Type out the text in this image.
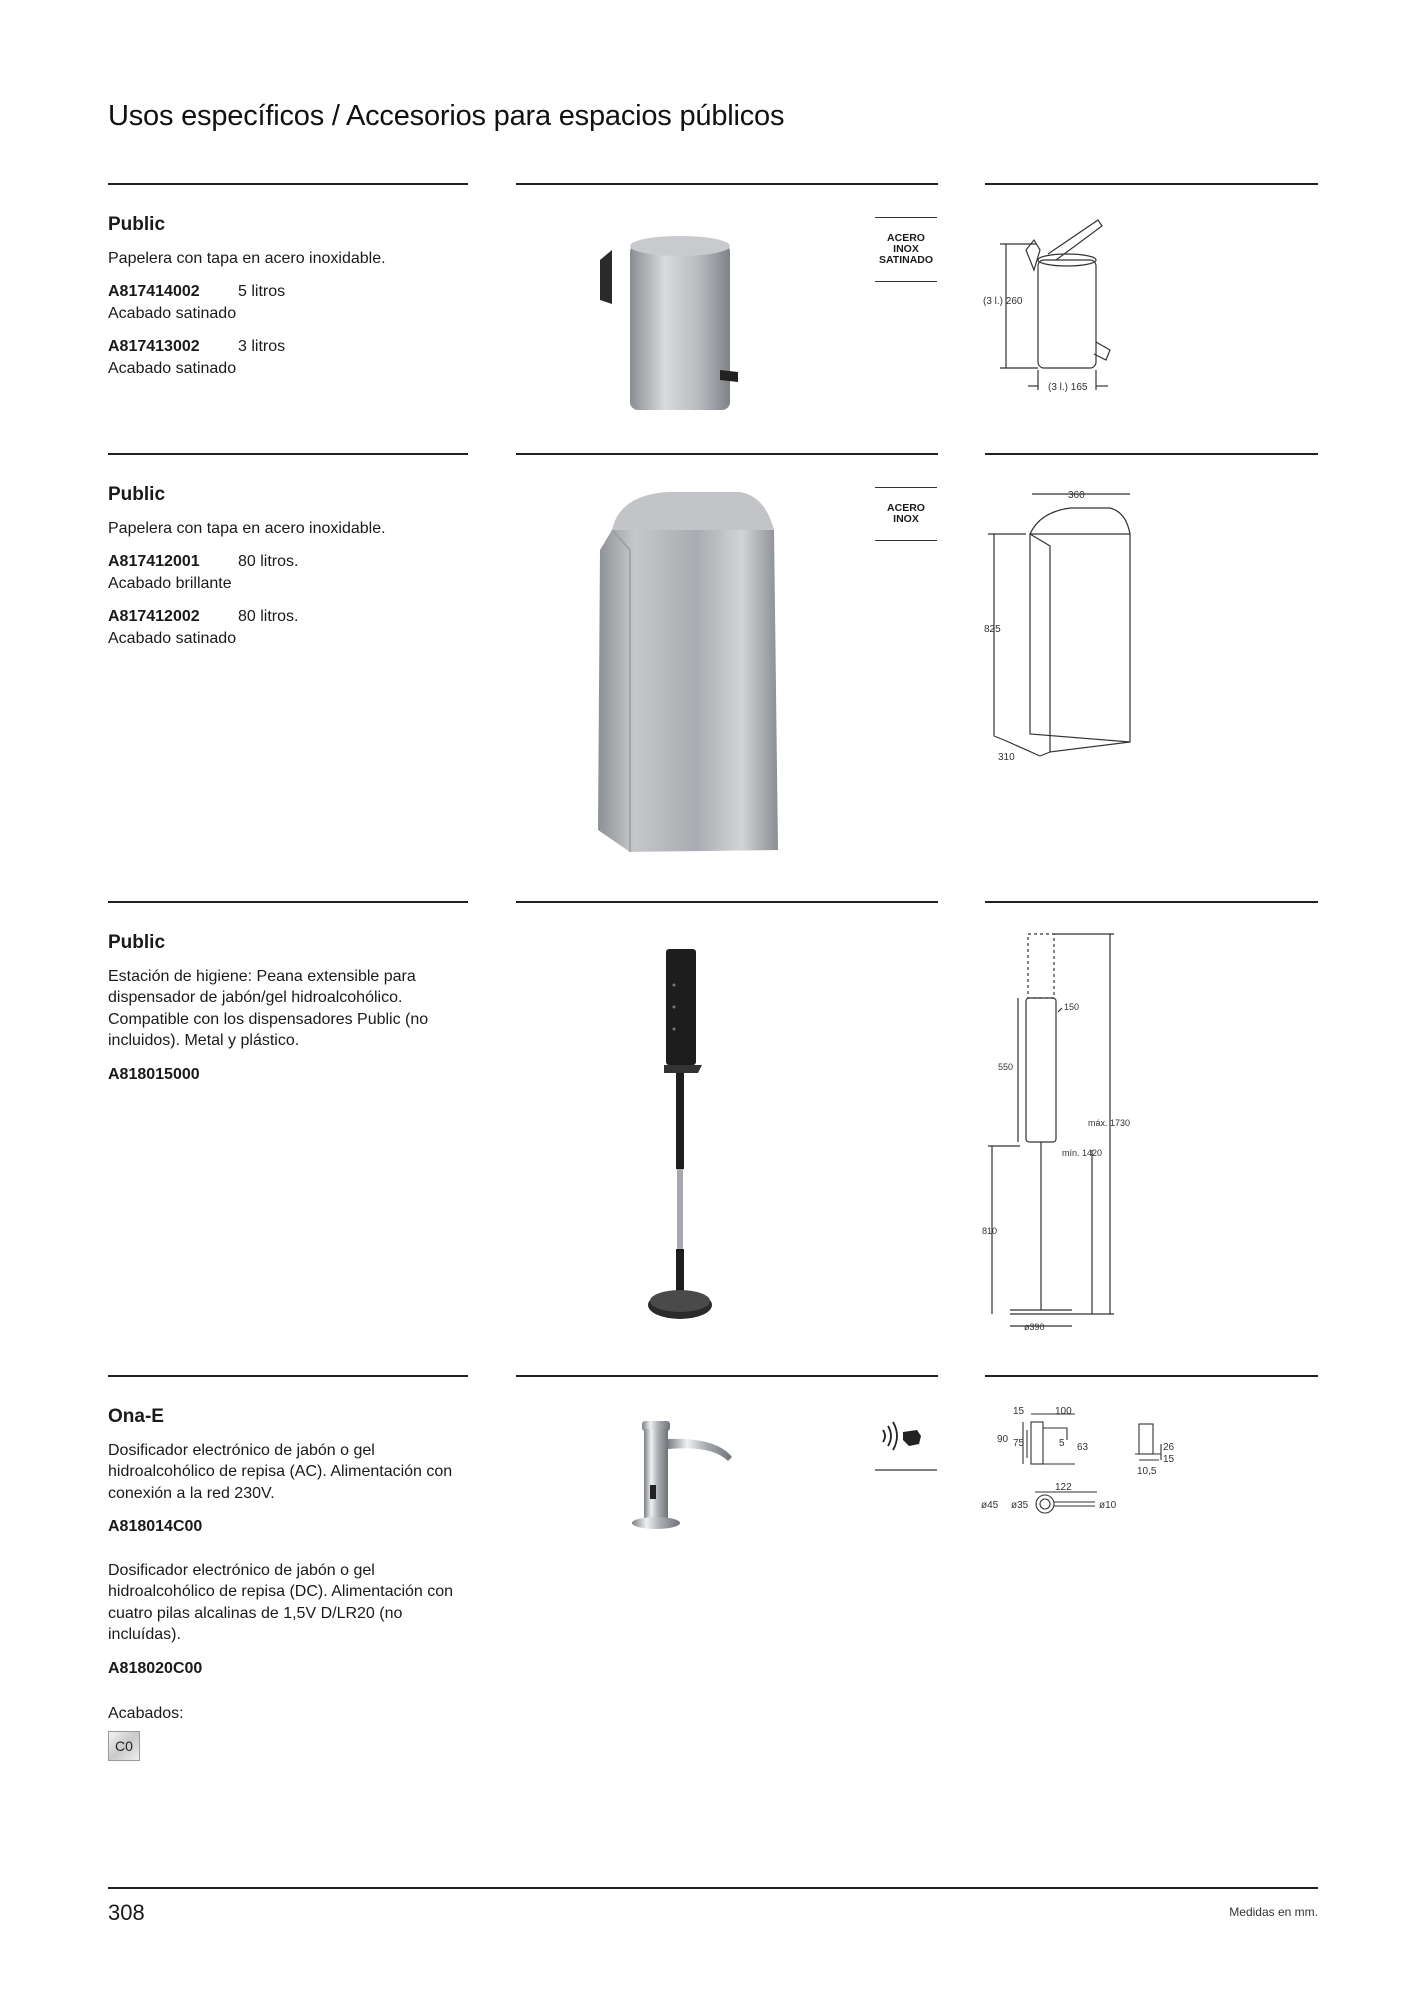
Usos específicos / Accesorios para espacios públicos
Public
Papelera con tapa en acero inoxidable.
A817414002 5 litros
Acabado satinado
A817413002 3 litros
Acabado satinado
ACERO
INOX
SATINADO
(3 l.) 260
(3 l.) 165
Public
Papelera con tapa en acero inoxidable.
A817412001 80 litros.
Acabado brillante
A817412002 80 litros.
Acabado satinado
ACERO
INOX
360
825
310
Public
Estación de higiene: Peana extensible para dispensador de jabón/gel hidroalcohólico. Compatible con los dispensadores Public (no incluidos). Metal y plástico.
A818015000
150
550
máx. 1730
mín. 1420
810
ø390
Ona-E
Dosificador electrónico de jabón o gel hidroalcohólico de repisa (AC). Alimentación con conexión a la red 230V.
A818014C00
Dosificador electrónico de jabón o gel hidroalcohólico de repisa (DC). Alimentación con cuatro pilas alcalinas de 1,5V D/LR20 (no incluídas).
A818020C00
Acabados:
C0
15	100
90 75	5 63	26
15
10,5
122
ø45 ø35	ø10
308	Medidas en mm.
